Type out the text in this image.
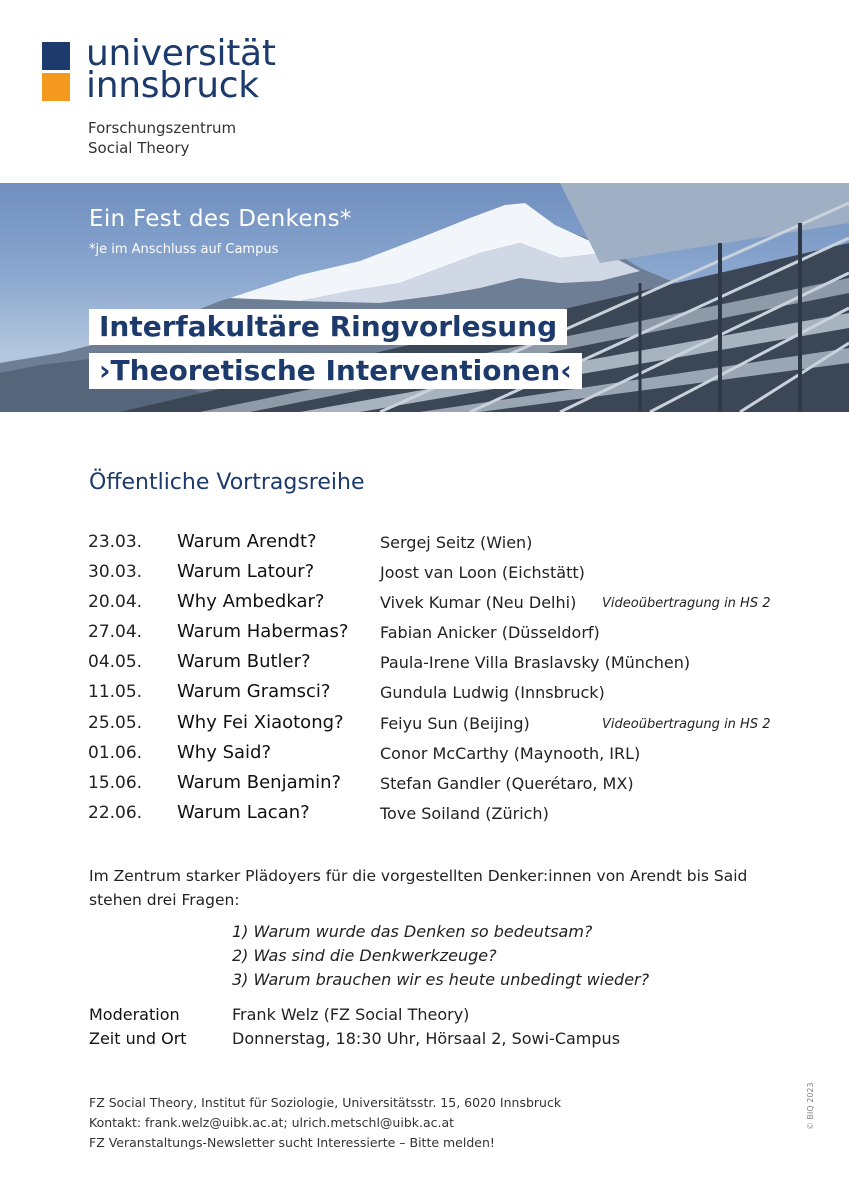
universität
innsbruck
Forschungszentrum
Social Theory
Ein Fest des Denkens*
*je im Anschluss auf Campus
Interfakultäre Ringvorlesung
›Theoretische Interventionen‹
Öffentliche Vortragsreihe
23.03. Warum Arendt?	Sergej Seitz (Wien)
30.03. Warum Latour?	Joost van Loon (Eichstätt)
20.04. Why Ambedkar?	Vivek Kumar (Neu Delhi) Videoübertragung in HS 2
27.04. Warum Habermas? Fabian Anicker (Düsseldorf)
04.05. Warum Butler?	Paula-Irene Villa Braslavsky (München)
11.05. Warum Gramsci?	Gundula Ludwig (Innsbruck)
25.05. Why Fei Xiaotong? Feiyu Sun (Beijing)	Videoübertragung in HS 2
01.06. Why Said?	Conor McCarthy (Maynooth, IRL)
15.06. Warum Benjamin? Stefan Gandler (Querétaro, MX)
22.06. Warum Lacan?	Tove Soiland (Zürich)
Im Zentrum starker Plädoyers für die vorgestellten Denker:innen von Arendt bis Said
stehen drei Fragen:
1) Warum wurde das Denken so bedeutsam?
2) Was sind die Denkwerkzeuge?
3) Warum brauchen wir es heute unbedingt wieder?
Moderation	Frank Welz (FZ Social Theory)
Zeit und Ort	Donnerstag, 18:30 Uhr, Hörsaal 2, Sowi-Campus
FZ Social Theory, Institut für Soziologie, Universitätsstr. 15, 6020 Innsbruck
Kontakt: frank.welz@uibk.ac.at; ulrich.metschl@uibk.ac.at
FZ Veranstaltungs-Newsletter sucht Interessierte – Bitte melden!
© BIQ 2023
